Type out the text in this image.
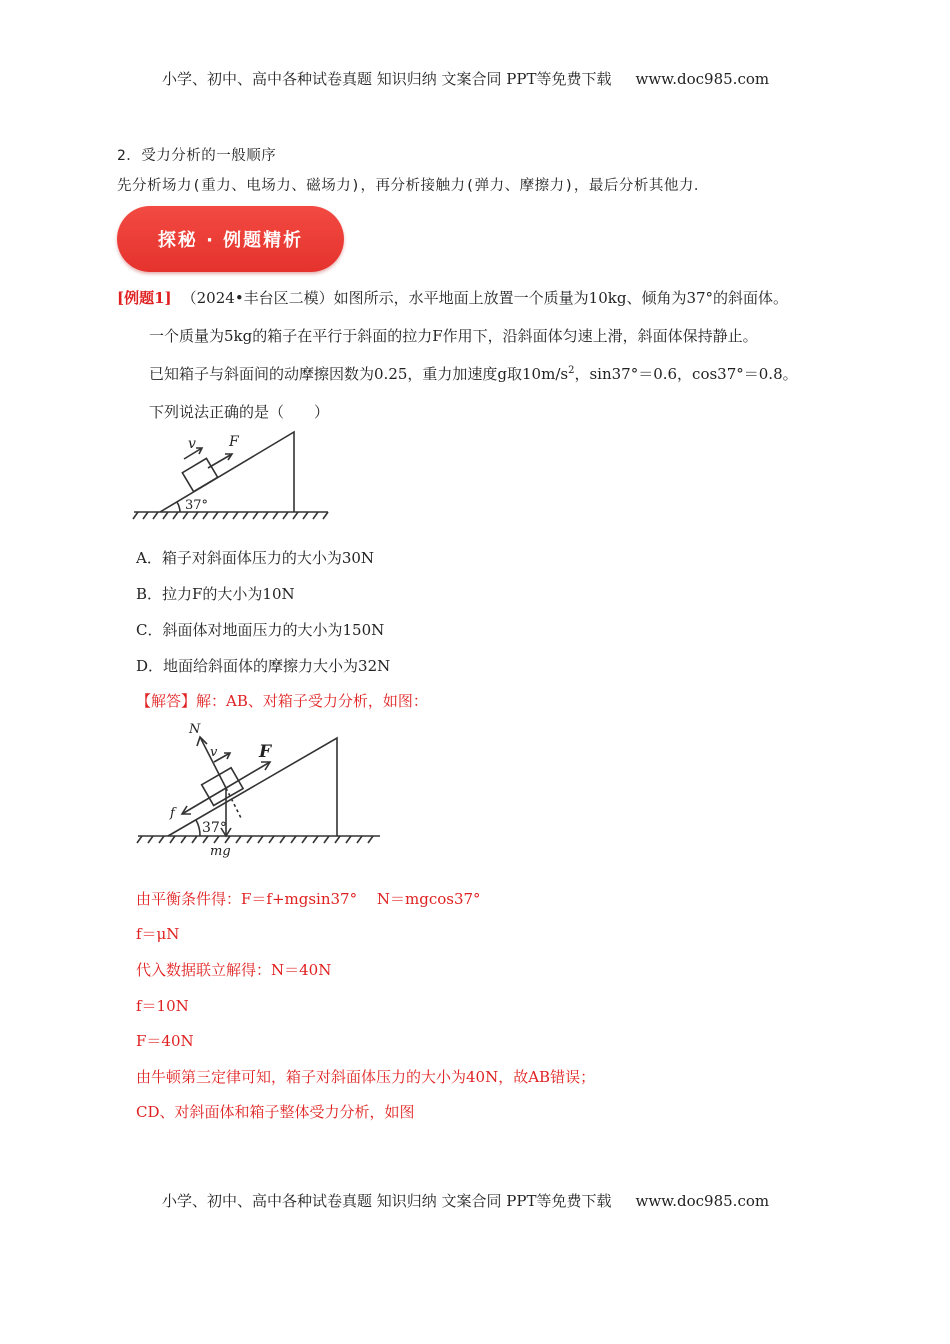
小学、初中、高中各种试卷真题 知识归纳 文案合同 PPT等免费下载 www.doc985.com
2．受力分析的一般顺序
先分析场力(重力、电场力、磁场力)，再分析接触力(弹力、摩擦力)，最后分析其他力．
探秘 · 例题精析
[例题1] （2024•丰台区二模）如图所示，水平地面上放置一个质量为10kg、倾角为37°的斜面体。
一个质量为5kg的箱子在平行于斜面的拉力F作用下，沿斜面体匀速上滑，斜面体保持静止。
已知箱子与斜面间的动摩擦因数为0.25，重力加速度g取$10m/s^2$，sin37°＝0.6，cos37°＝0.8。
下列说法正确的是（　　）
v F
37°
A．箱子对斜面体压力的大小为30N
B．拉力F的大小为10N
C．斜面体对地面压力的大小为150N
D．地面给斜面体的摩擦力大小为32N
【解答】解：AB、对箱子受力分析，如图：
N
v F
f
mg
37°
由平衡条件得：F＝f+mgsin37°　 N＝mgcos37°
f＝μN
代入数据联立解得：N＝40N
f＝10N
F＝40N
由牛顿第三定律可知，箱子对斜面体压力的大小为40N，故AB错误；
CD、对斜面体和箱子整体受力分析，如图
小学、初中、高中各种试卷真题 知识归纳 文案合同 PPT等免费下载 www.doc985.com
